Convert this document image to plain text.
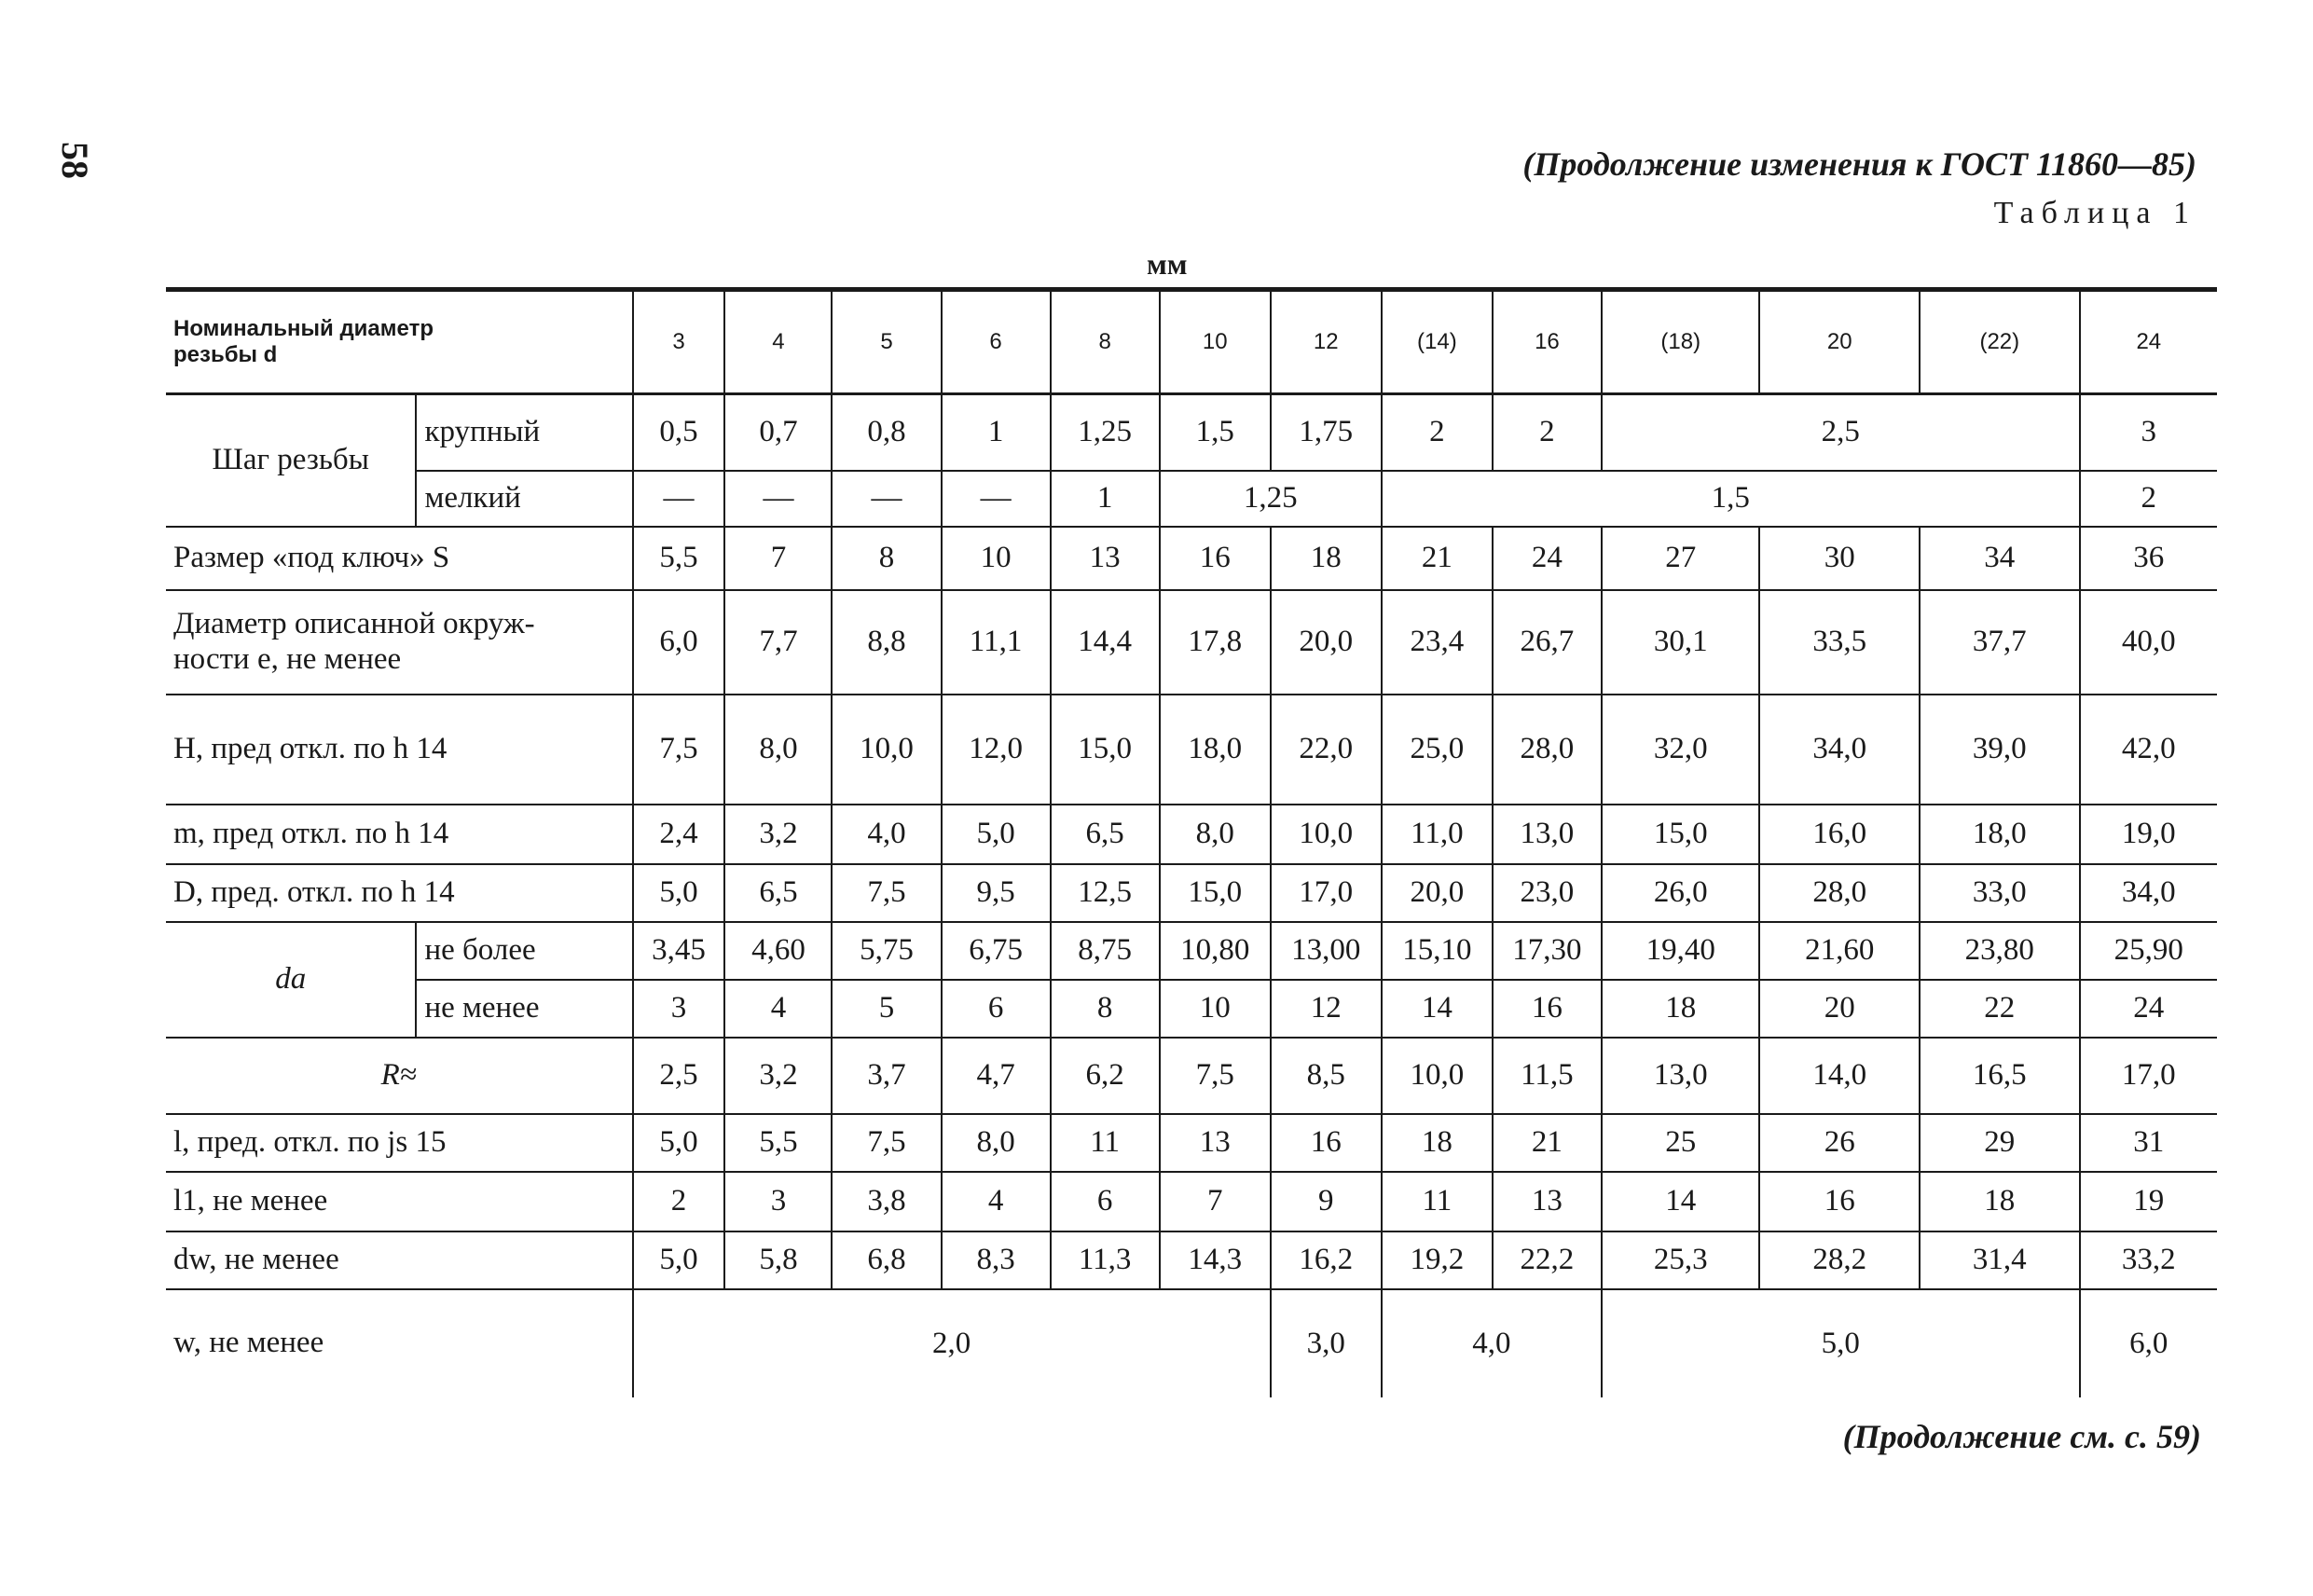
58	(Продолжение изменения к ГОСТ 11860—85)
Таблица 1
мм
Номинальный диаметр
резьбы d		3	4	5	6	8	10	12	(14)	16	(18)	20	(22)	24
Шаг резьбы	крупный	0,5	0,7	0,8	1	1,25	1,5	1,75	2	2	2,5			3
	мелкий	—	—	—	—	1	1,25		1,5					2
Размер «под ключ» S		5,5	7	8	10	13	16	18	21	24	27	30	34	36
Диаметр описанной окруж-
ности e, не менее		6,0	7,7	8,8	11,1	14,4	17,8	20,0	23,4	26,7	30,1	33,5	37,7	40,0
H, пред откл. по h 14		7,5	8,0	10,0	12,0	15,0	18,0	22,0	25,0	28,0	32,0	34,0	39,0	42,0
m, пред откл. по h 14		2,4	3,2	4,0	5,0	6,5	8,0	10,0	11,0	13,0	15,0	16,0	18,0	19,0
D, пред. откл. по h 14		5,0	6,5	7,5	9,5	12,5	15,0	17,0	20,0	23,0	26,0	28,0	33,0	34,0
da	не более	3,45	4,60	5,75	6,75	8,75	10,80	13,00	15,10	17,30	19,40	21,60	23,80	25,90
	не менее	3	4	5	6	8	10	12	14	16	18	20	22	24
R≈		2,5	3,2	3,7	4,7	6,2	7,5	8,5	10,0	11,5	13,0	14,0	16,5	17,0
l, пред. откл. по js 15		5,0	5,5	7,5	8,0	11	13	16	18	21	25	26	29	31
l1, не менее		2	3	3,8	4	6	7	9	11	13	14	16	18	19
dw, не менее		5,0	5,8	6,8	8,3	11,3	14,3	16,2	19,2	22,2	25,3	28,2	31,4	33,2
w, не менее		2,0						3,0	4,0		5,0			6,0
(Продолжение см. с. 59)
